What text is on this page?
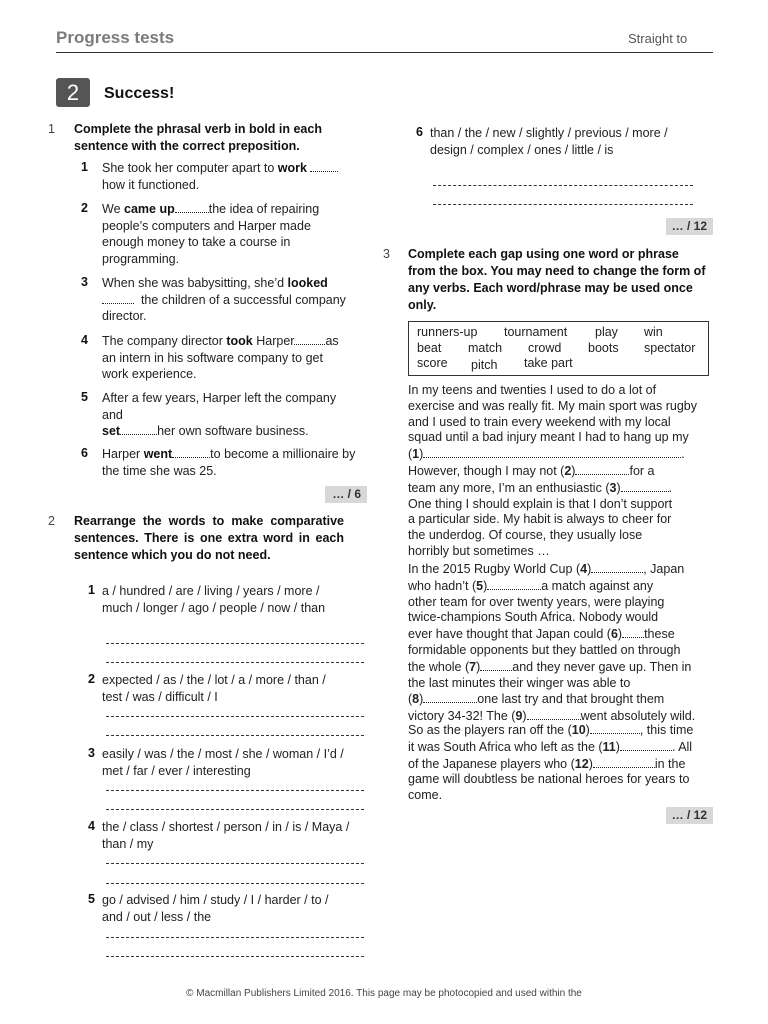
Progress tests	Straight to
2	Success!
1 Complete the phrasal verb in bold in each sentence with the correct preposition.
1 She took her computer apart to work
how it functioned.
2 We came up	the idea of repairing people’s computers and Harper made enough money to take a course in programming.
3 When she was babysitting, she’d looked
the children of a successful company director.
4 The company director took Harper as an intern in his software company to get work experience.
5 After a few years, Harper left the company and
set	her own software business.
6 Harper went	to become a millionaire by the time she was 25.
… / 6
2 Rearrange the words to make comparative sentences. There is one extra word in each sentence which you do not need.
1 a / hundred / are / living / years / more / much / longer / ago / people / now / than
2 expected / as / the / lot / a / more / than / test / was / difficult / I
3 easily / was / the / most / she / woman / I’d / met / far / ever / interesting
4 the / class / shortest / person / in / is / Maya / than / my
5 go / advised / him / study / I / harder / to / and / out / less / the
6 than / the / new / slightly / previous / more / design / complex / ones / little / is
… / 12
3 Complete each gap using one word or phrase from the box. You may need to change the form of any verbs. Each word/phrase may be used once only.
runners-up tournament play win
beat match crowd boots spectator
score pitch take part
In my teens and twenties I used to do a lot of
exercise and was really fit. My main sport was rugby
and I used to train every weekend with my local
squad until a bad injury meant I had to hang up my
(1)	.
However, though I may not (2)	for a
team any more, I’m an enthusiastic (3)	.
One thing I should explain is that I don’t support
a particular side. My habit is always to cheer for
the underdog. Of course, they usually lose
horribly but sometimes …
In the 2015 Rugby World Cup (4)	, Japan
who hadn’t (5)	a match against any
other team for over twenty years, were playing
twice-champions South Africa. Nobody would
ever have thought that Japan could (6) these
formidable opponents but they battled on through
the whole (7)	and they never gave up. Then in
the last minutes their winger was able to
(8)	one last try and that brought them
victory 34-32! The (9)	went absolutely wild.
So as the players ran off the (10)	, this time
it was South Africa who left as the (11)	. All
of the Japanese players who (12)	in the
game will doubtless be national heroes for years to
come.
… / 12
© Macmillan Publishers Limited 2016. This page may be photocopied and used within the
